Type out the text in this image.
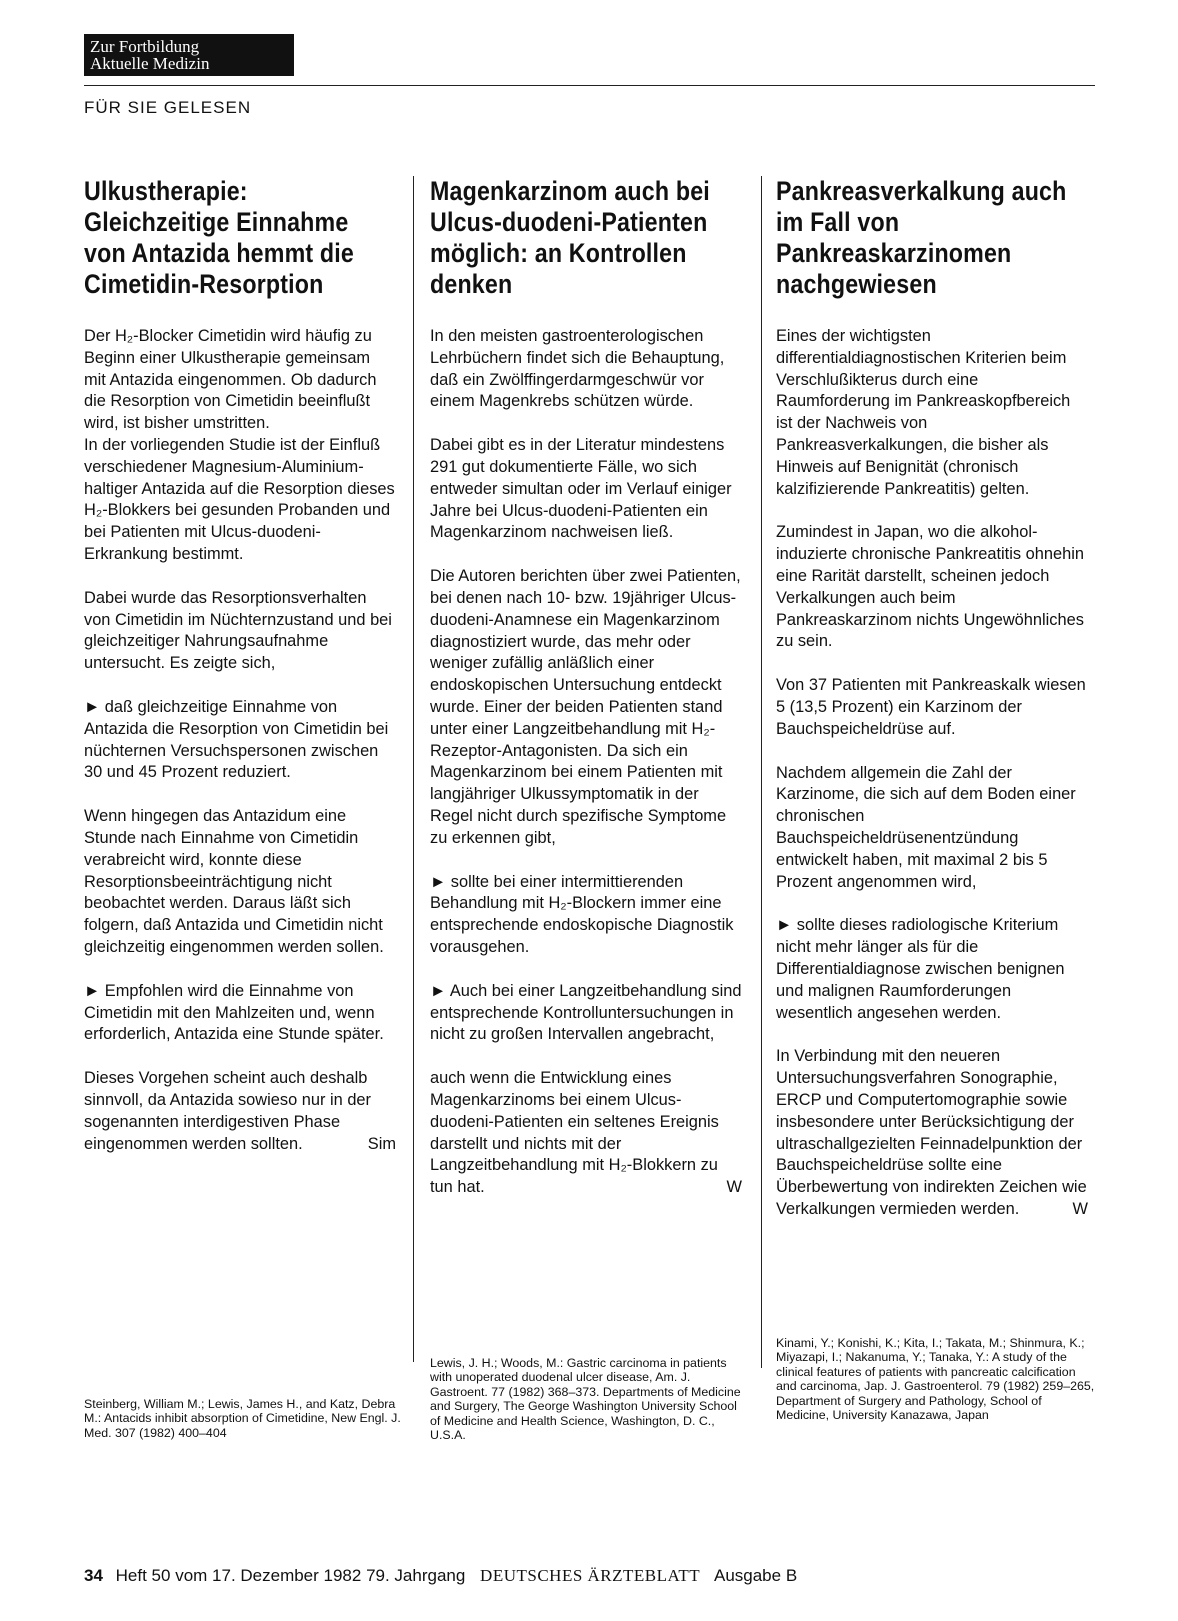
Zur Fortbildung
Aktuelle Medizin
FÜR SIE GELESEN
Ulkustherapie: Gleichzeitige Einnahme von Antazida hemmt die Cimetidin-Resorption

Der H₂-Blocker Cimetidin wird häufig zu Beginn einer Ulkustherapie gemeinsam mit Antazida eingenommen. Ob dadurch die Resorption von Cimetidin beeinflußt wird, ist bisher umstritten.
In der vorliegenden Studie ist der Einfluß verschiedener Magnesium-Aluminium-haltiger Antazida auf die Resorption dieses H₂-Blokkers bei gesunden Probanden und bei Patienten mit Ulcus-duodeni-Erkrankung bestimmt.

Dabei wurde das Resorptionsverhalten von Cimetidin im Nüchternzustand und bei gleichzeitiger Nahrungsaufnahme untersucht. Es zeigte sich,

► daß gleichzeitige Einnahme von Antazida die Resorption von Cimetidin bei nüchternen Versuchspersonen zwischen 30 und 45 Prozent reduziert.

Wenn hingegen das Antazidum eine Stunde nach Einnahme von Cimetidin verabreicht wird, konnte diese Resorptionsbeeinträchtigung nicht beobachtet werden. Daraus läßt sich folgern, daß Antazida und Cimetidin nicht gleichzeitig eingenommen werden sollen.

► Empfohlen wird die Einnahme von Cimetidin mit den Mahlzeiten und, wenn erforderlich, Antazida eine Stunde später.

Dieses Vorgehen scheint auch deshalb sinnvoll, da Antazida sowieso nur in der sogenannten interdigestiven Phase eingenommen werden sollten.	Sim

Magenkarzinom auch bei Ulcus-duodeni-Patienten möglich: an Kontrollen denken

In den meisten gastroenterologischen Lehrbüchern findet sich die Behauptung, daß ein Zwölffingerdarmgeschwür vor einem Magenkrebs schützen würde.

Dabei gibt es in der Literatur mindestens 291 gut dokumentierte Fälle, wo sich entweder simultan oder im Verlauf einiger Jahre bei Ulcus-duodeni-Patienten ein Magenkarzinom nachweisen ließ.

Die Autoren berichten über zwei Patienten, bei denen nach 10- bzw. 19jähriger Ulcus-duodeni-Anamnese ein Magenkarzinom diagnostiziert wurde, das mehr oder weniger zufällig anläßlich einer endoskopischen Untersuchung entdeckt wurde. Einer der beiden Patienten stand unter einer Langzeitbehandlung mit H₂-Rezeptor-Antagonisten. Da sich ein Magenkarzinom bei einem Patienten mit langjähriger Ulkussymptomatik in der Regel nicht durch spezifische Symptome zu erkennen gibt,

► sollte bei einer intermittierenden Behandlung mit H₂-Blockern immer eine entsprechende endoskopische Diagnostik vorausgehen.

► Auch bei einer Langzeitbehandlung sind entsprechende Kontrolluntersuchungen in nicht zu großen Intervallen angebracht,

auch wenn die Entwicklung eines Magenkarzinoms bei einem Ulcus-duodeni-Patienten ein seltenes Ereignis darstellt und nichts mit der Langzeitbehandlung mit H₂-Blokkern zu tun hat.	W

Pankreasverkalkung auch im Fall von Pankreaskarzinomen nachgewiesen

Eines der wichtigsten differentialdiagnostischen Kriterien beim Verschlußikterus durch eine Raumforderung im Pankreaskopfbereich ist der Nachweis von Pankreasverkalkungen, die bisher als Hinweis auf Benignität (chronisch kalzifizierende Pankreatitis) gelten.

Zumindest in Japan, wo die alkohol-induzierte chronische Pankreatitis ohnehin eine Rarität darstellt, scheinen jedoch Verkalkungen auch beim Pankreaskarzinom nichts Ungewöhnliches zu sein.

Von 37 Patienten mit Pankreaskalk wiesen 5 (13,5 Prozent) ein Karzinom der Bauchspeicheldrüse auf.

Nachdem allgemein die Zahl der Karzinome, die sich auf dem Boden einer chronischen Bauchspeicheldrüsenentzündung entwickelt haben, mit maximal 2 bis 5 Prozent angenommen wird,

► sollte dieses radiologische Kriterium nicht mehr länger als für die Differentialdiagnose zwischen benignen und malignen Raumforderungen wesentlich angesehen werden.

In Verbindung mit den neueren Untersuchungsverfahren Sonographie, ERCP und Computertomographie sowie insbesondere unter Berücksichtigung der ultraschallgezielten Feinnadelpunktion der Bauchspeicheldrüse sollte eine Überbewertung von indirekten Zeichen wie Verkalkungen vermieden werden.	W

Steinberg, William M.; Lewis, James H., and Katz, Debra M.: Antacids inhibit absorption of Cimetidine, New Engl. J. Med. 307 (1982) 400–404
Lewis, J. H.; Woods, M.: Gastric carcinoma in patients with unoperated duodenal ulcer disease, Am. J. Gastroent. 77 (1982) 368–373. Departments of Medicine and Surgery, The George Washington University School of Medicine and Health Science, Washington, D. C., U.S.A.
Kinami, Y.; Konishi, K.; Kita, I.; Takata, M.; Shinmura, K.; Miyazapi, I.; Nakanuma, Y.; Tanaka, Y.: A study of the clinical features of patients with pancreatic calcification and carcinoma, Jap. J. Gastroenterol. 79 (1982) 259–265, Department of Surgery and Pathology, School of Medicine, University Kanazawa, Japan
34 Heft 50 vom 17. Dezember 1982 79. Jahrgang DEUTSCHES ÄRZTEBLATT Ausgabe B
